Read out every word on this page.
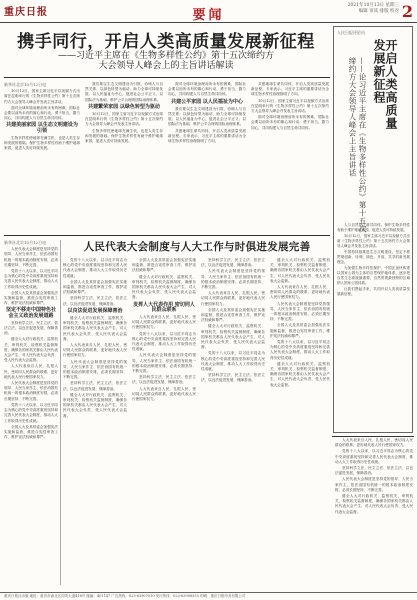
重庆日报	要闻
2021年10月13日 星期三
编辑 审读 排版 校对 2
携手同行，开启人类高质量发展新征程
——习近平主席在《生物多样性公约》第十五次缔约方
大会领导人峰会上的主旨讲话解读
新华社北京10月12日电

10月12日，国家主席习近平以视频方式出席在昆明举行的《生物多样性公约》第十五次缔约方大会领导人峰会并发表主旨讲话。

面对全球环境治理前所未有的困难，国际社会要以前所未有的雄心和行动，勇于担当，勠力同心，共同构建人与自然生命共同体。

共建美丽家园 以生态文明建设为引领

生物多样性使地球充满生机，也是人类生存和发展的基础。保护生物多样性有助于维护地球家园，促进人类可持续发展。

我们要以生态文明建设为引领，协调人与自然关系；以绿色转型为驱动，助力全球可持续发展；以人民福祉为中心，促进社会公平正义；以国际法为基础，维护公平合理的国际治理体系。

共建繁荣家园 以绿色转型为驱动

10月12日，国家主席习近平以视频方式出席在昆明举行的《生物多样性公约》第十五次缔约方大会领导人峰会并发表主旨讲话。

生物多样性使地球充满生机，也是人类生存和发展的基础。保护生物多样性有助于维护地球家园，促进人类可持续发展。

面对全球环境治理前所未有的困难，国际社会要以前所未有的雄心和行动，勇于担当，勠力同心，共同构建人与自然生命共同体。

共建公平家园 以人民福祉为中心

我们要以生态文明建设为引领，协调人与自然关系；以绿色转型为驱动，助力全球可持续发展；以人民福祉为中心，促进社会公平正义；以国际法为基础，维护公平合理的国际治理体系。

共建地球生命共同体，开启人类高质量发展新征程。专家表示，习近平主席的重要讲话为全球生物多样性治理指明了方向。

共建地球生命共同体，开启人类高质量发展新征程。专家表示，习近平主席的重要讲话为全球生物多样性治理指明了方向。

10月12日，国家主席习近平以视频方式出席在昆明举行的《生物多样性公约》第十五次缔约方大会领导人峰会并发表主旨讲话。

面对全球环境治理前所未有的困难，国际社会要以前所未有的雄心和行动，勇于担当，勠力同心，共同构建人与自然生命共同体。

人民日报评论员
开启人类高质量
发展新征程
——论习近平主席在《生物多样性公约》第十五次
缔约方大会领导人峰会上主旨讲话

人与自然是生命共同体。保护生物多样性有助于维护地球家园，促进人类可持续发展。

10月12日，国家主席习近平以视频方式出席《生物多样性公约》第十五次缔约方大会领导人峰会并发表主旨讲话。

中国将持续推进生态文明建设，坚定不移贯彻创新、协调、绿色、开放、共享的新发展理念。

为加强生物多样性保护，中国正加快构建以国家公园为主体的自然保护地体系，逐步把自然生态系统最重要、自然景观最独特的区域纳入国家公园体系。

让我们携起手来，共同开启人类高质量发展新征程。

人民代表大会制度与人大工作与时俱进发展完善
新华社北京10月12日电

人民代表大会制度是坚持党的领导、人民当家作主、依法治国有机统一的根本政治制度安排，必须长期坚持、不断完善。

党的十八大以来，以习近平同志为核心的党中央高度重视坚持和完善人民代表大会制度，推动人大工作取得历史性成就。

全国人大及其常委会加强宪法实施和监督，推进合宪性审查工作，维护宪法权威和尊严。

坚定不移走中国特色社会主义政治发展道路

坚持科学立法、民主立法、依法立法，以良法促进发展、保障善治。

健全人大对行政机关、监察机关、审判机关、检察机关监督制度，确保各国家机关都由人民代表大会产生、对人民代表大会负责、受人民代表大会监督。

人大代表来自人民、扎根人民，密切同人民群众的联系，更好地代表人民行使国家权力。

人民代表大会制度是坚持党的领导、人民当家作主、依法治国有机统一的根本政治制度安排，必须长期坚持、不断完善。

党的十八大以来，以习近平同志为核心的党中央高度重视坚持和完善人民代表大会制度，推动人大工作取得历史性成就。

全国人大及其常委会加强宪法实施和监督，推进合宪性审查工作，维护宪法权威和尊严。

党的十八大以来，以习近平同志为核心的党中央高度重视坚持和完善人民代表大会制度，推动人大工作取得历史性成就。

全国人大及其常委会加强宪法实施和监督，推进合宪性审查工作，维护宪法权威和尊严。

坚持科学立法、民主立法、依法立法，以良法促进发展、保障善治。

以良法促进发展保障善治

健全人大对行政机关、监察机关、审判机关、检察机关监督制度，确保各国家机关都由人民代表大会产生、对人民代表大会负责、受人民代表大会监督。

人大代表来自人民、扎根人民，密切同人民群众的联系，更好地代表人民行使国家权力。

人民代表大会制度是坚持党的领导、人民当家作主、依法治国有机统一的根本政治制度安排，必须长期坚持、不断完善。

坚持科学立法、民主立法、依法立法，以良法促进发展、保障善治。

健全人大对行政机关、监察机关、审判机关、检察机关监督制度，确保各国家机关都由人民代表大会产生、对人民代表大会负责、受人民代表大会监督。

全国人大及其常委会加强宪法实施和监督，推进合宪性审查工作，维护宪法权威和尊严。

健全人大对行政机关、监察机关、审判机关、检察机关监督制度，确保各国家机关都由人民代表大会产生、对人民代表大会负责、受人民代表大会监督。

发挥人大代表作用 密切同人民群众联系

人大代表来自人民、扎根人民，密切同人民群众的联系，更好地代表人民行使国家权力。

党的十八大以来，以习近平同志为核心的党中央高度重视坚持和完善人民代表大会制度，推动人大工作取得历史性成就。

人民代表大会制度是坚持党的领导、人民当家作主、依法治国有机统一的根本政治制度安排，必须长期坚持、不断完善。

坚持科学立法、民主立法、依法立法，以良法促进发展、保障善治。

人大代表来自人民、扎根人民，密切同人民群众的联系，更好地代表人民行使国家权力。

坚持科学立法、民主立法、依法立法，以良法促进发展、保障善治。

人民代表大会制度是坚持党的领导、人民当家作主、依法治国有机统一的根本政治制度安排，必须长期坚持、不断完善。

人大代表来自人民、扎根人民，密切同人民群众的联系，更好地代表人民行使国家权力。

全国人大及其常委会加强宪法实施和监督，推进合宪性审查工作，维护宪法权威和尊严。

健全人大对行政机关、监察机关、审判机关、检察机关监督制度，确保各国家机关都由人民代表大会产生、对人民代表大会负责、受人民代表大会监督。

党的十八大以来，以习近平同志为核心的党中央高度重视坚持和完善人民代表大会制度，推动人大工作取得历史性成就。

坚持科学立法、民主立法、依法立法，以良法促进发展、保障善治。

健全人大对行政机关、监察机关、审判机关、检察机关监督制度，确保各国家机关都由人民代表大会产生、对人民代表大会负责、受人民代表大会监督。

人大代表来自人民、扎根人民，密切同人民群众的联系，更好地代表人民行使国家权力。

人民代表大会制度是坚持党的领导、人民当家作主、依法治国有机统一的根本政治制度安排，必须长期坚持、不断完善。

全国人大及其常委会加强宪法实施和监督，推进合宪性审查工作，维护宪法权威和尊严。

党的十八大以来，以习近平同志为核心的党中央高度重视坚持和完善人民代表大会制度，推动人大工作取得历史性成就。

健全人大对行政机关、监察机关、审判机关、检察机关监督制度，确保各国家机关都由人民代表大会产生、对人民代表大会负责、受人民代表大会监督。

人大代表来自人民、扎根人民，密切同人民群众的联系，更好地代表人民行使国家权力。

党的十八大以来，以习近平同志为核心的党中央高度重视坚持和完善人民代表大会制度，推动人大工作取得历史性成就。

坚持科学立法、民主立法、依法立法，以良法促进发展、保障善治。

人民代表大会制度是坚持党的领导、人民当家作主、依法治国有机统一的根本政治制度安排，必须长期坚持、不断完善。

健全人大对行政机关、监察机关、审判机关、检察机关监督制度，确保各国家机关都由人民代表大会产生、对人民代表大会负责、受人民代表大会监督。

重庆日报社出版 地址：重庆市渝北区同茂大道416号 邮编：401147 广告热线：023-63907010 发行热线：023-63908555 印刷：重庆日报印务有限公司
